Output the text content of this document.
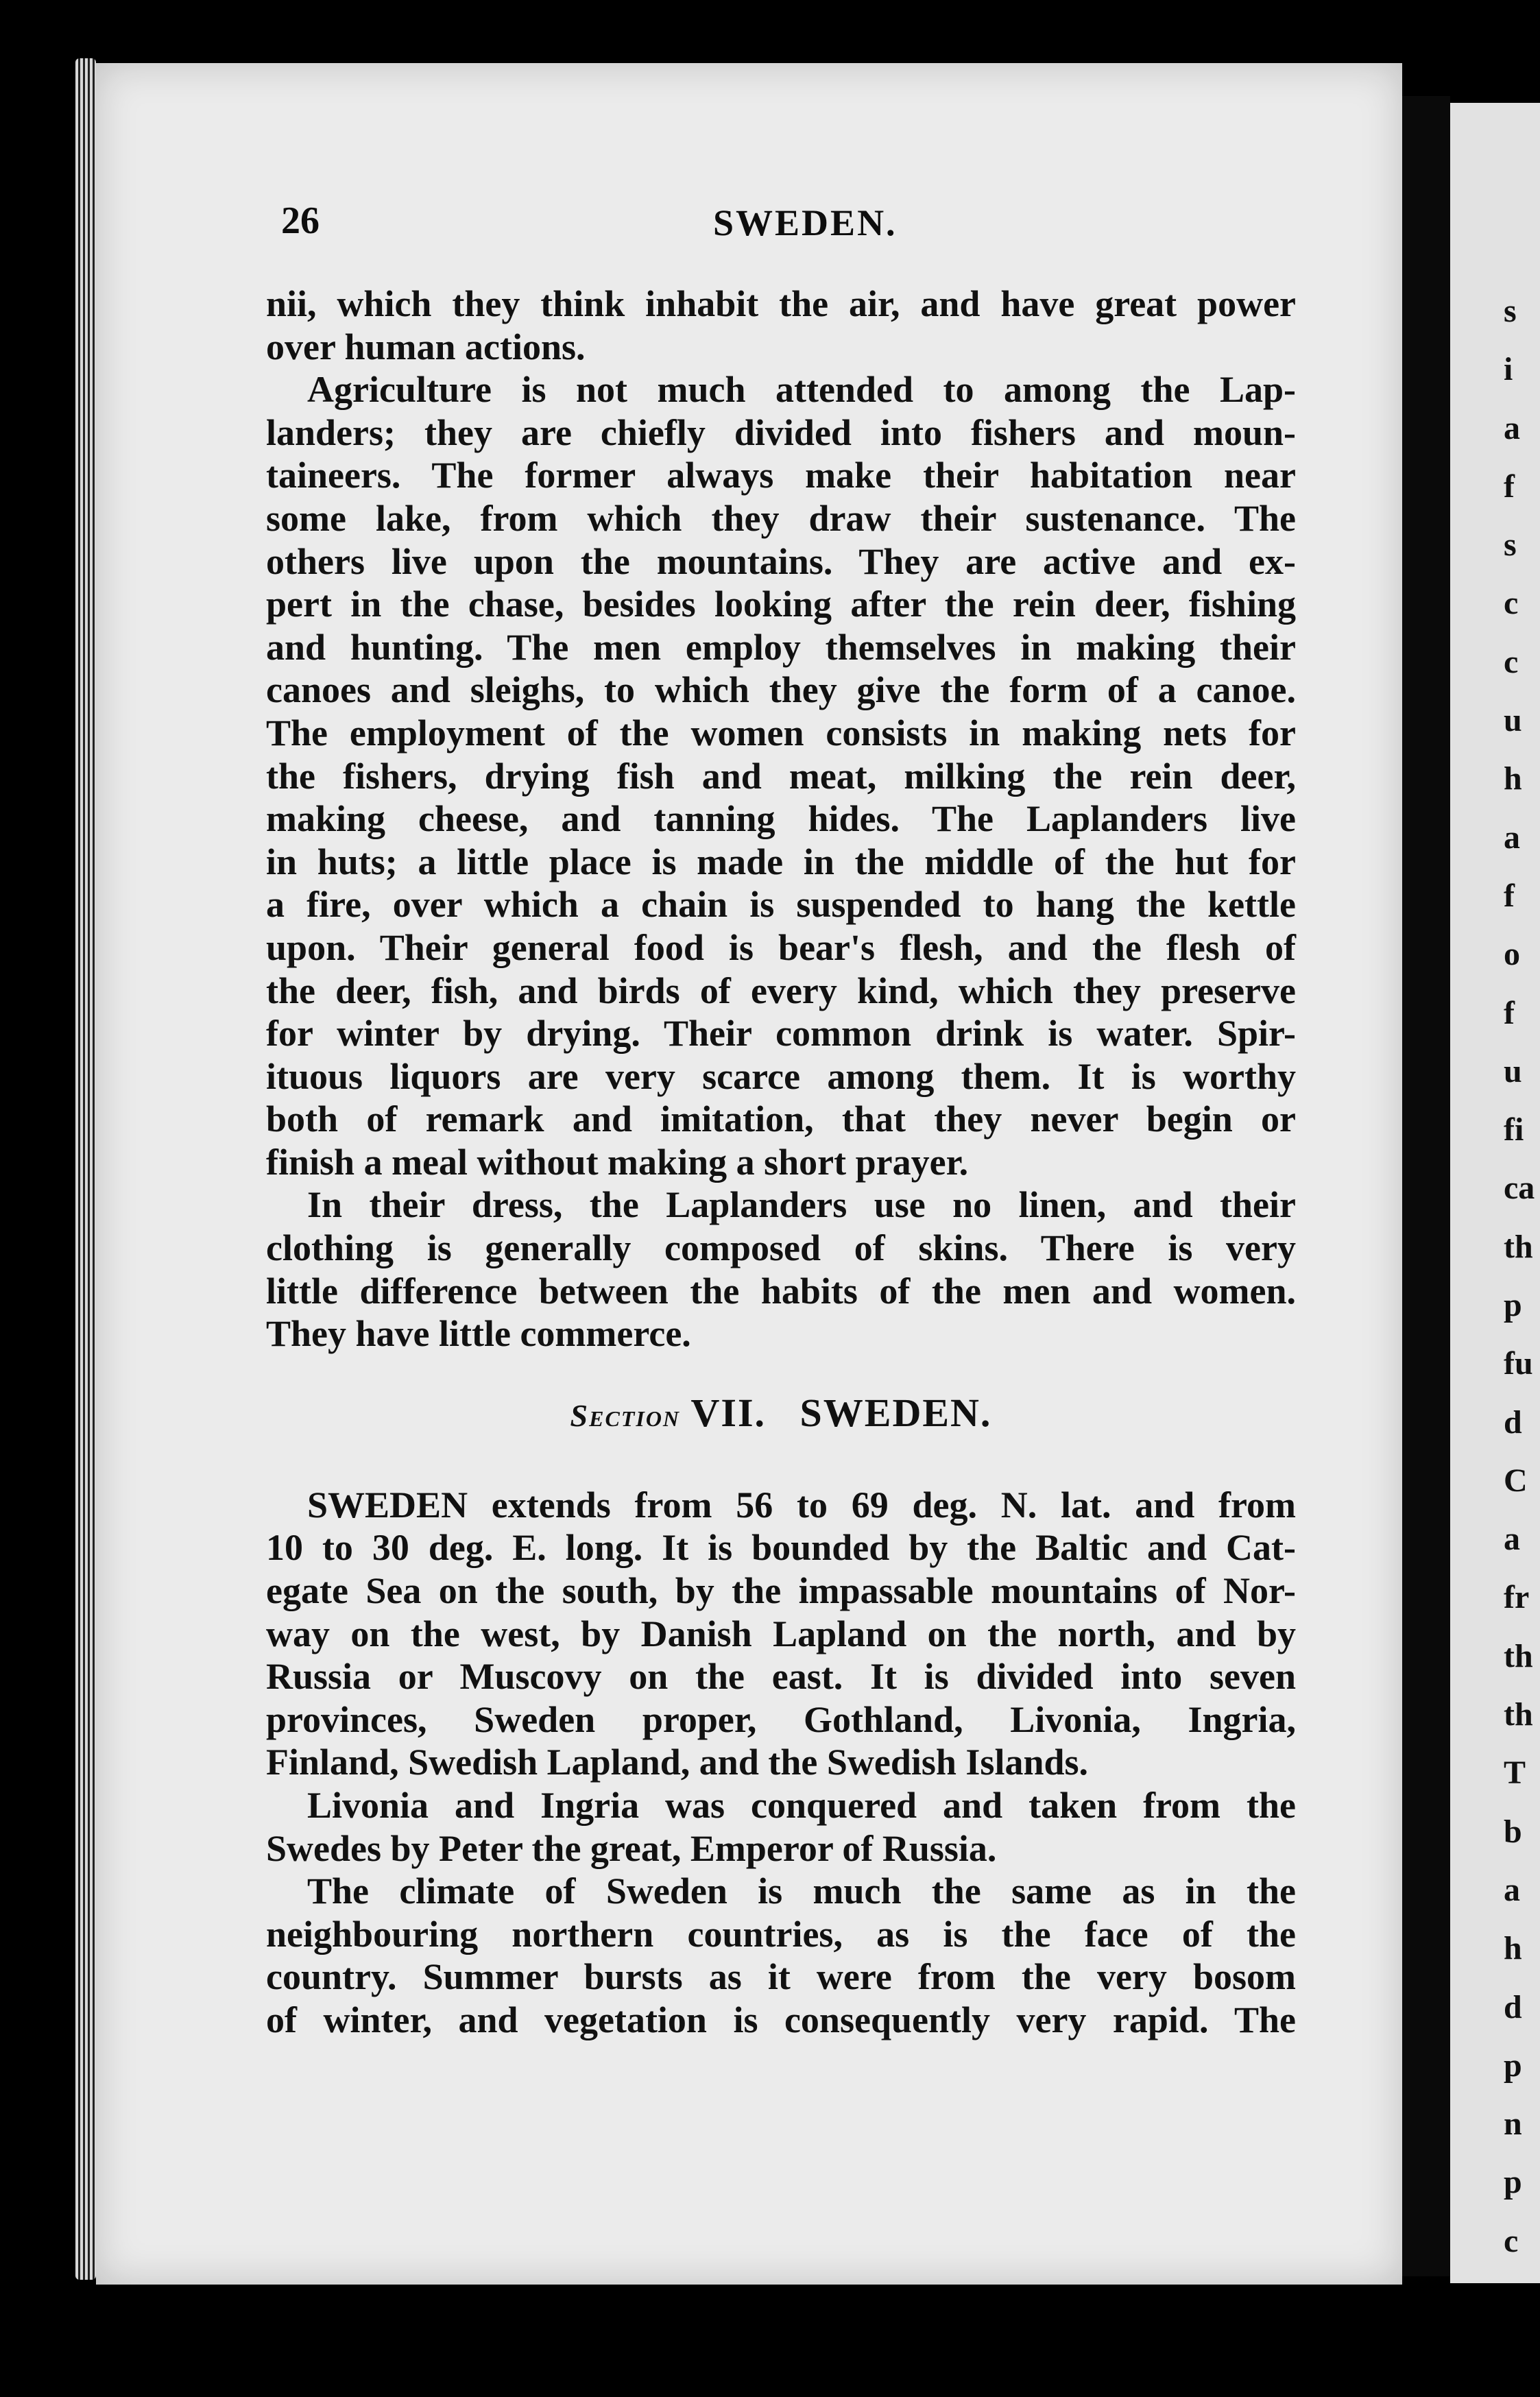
s
i
a
f
s
c
c
u
h
a
f
o
f
u
fi
ca
th
p
fu
d
C
a
fr
th
th
T
b
a
h
d
p
n
p
c
26	SWEDEN.
nii, which they think inhabit the air, and have great power
over human actions.
Agriculture is not much attended to among the Lap-
landers; they are chiefly divided into fishers and moun-
taineers. The former always make their habitation near
some lake, from which they draw their sustenance. The
others live upon the mountains. They are active and ex-
pert in the chase, besides looking after the rein deer, fishing
and hunting. The men employ themselves in making their
canoes and sleighs, to which they give the form of a canoe.
The employment of the women consists in making nets for
the fishers, drying fish and meat, milking the rein deer,
making cheese, and tanning hides. The Laplanders live
in huts; a little place is made in the middle of the hut for
a fire, over which a chain is suspended to hang the kettle
upon. Their general food is bear's flesh, and the flesh of
the deer, fish, and birds of every kind, which they preserve
for winter by drying. Their common drink is water. Spir-
ituous liquors are very scarce among them. It is worthy
both of remark and imitation, that they never begin or
finish a meal without making a short prayer.
In their dress, the Laplanders use no linen, and their
clothing is generally composed of skins. There is very
little difference between the habits of the men and women.
They have little commerce.
Section VII. SWEDEN.
SWEDEN extends from 56 to 69 deg. N. lat. and from
10 to 30 deg. E. long. It is bounded by the Baltic and Cat-
egate Sea on the south, by the impassable mountains of Nor-
way on the west, by Danish Lapland on the north, and by
Russia or Muscovy on the east. It is divided into seven
provinces, Sweden proper, Gothland, Livonia, Ingria,
Finland, Swedish Lapland, and the Swedish Islands.
Livonia and Ingria was conquered and taken from the
Swedes by Peter the great, Emperor of Russia.
The climate of Sweden is much the same as in the
neighbouring northern countries, as is the face of the
country. Summer bursts as it were from the very bosom
of winter, and vegetation is consequently very rapid. The
